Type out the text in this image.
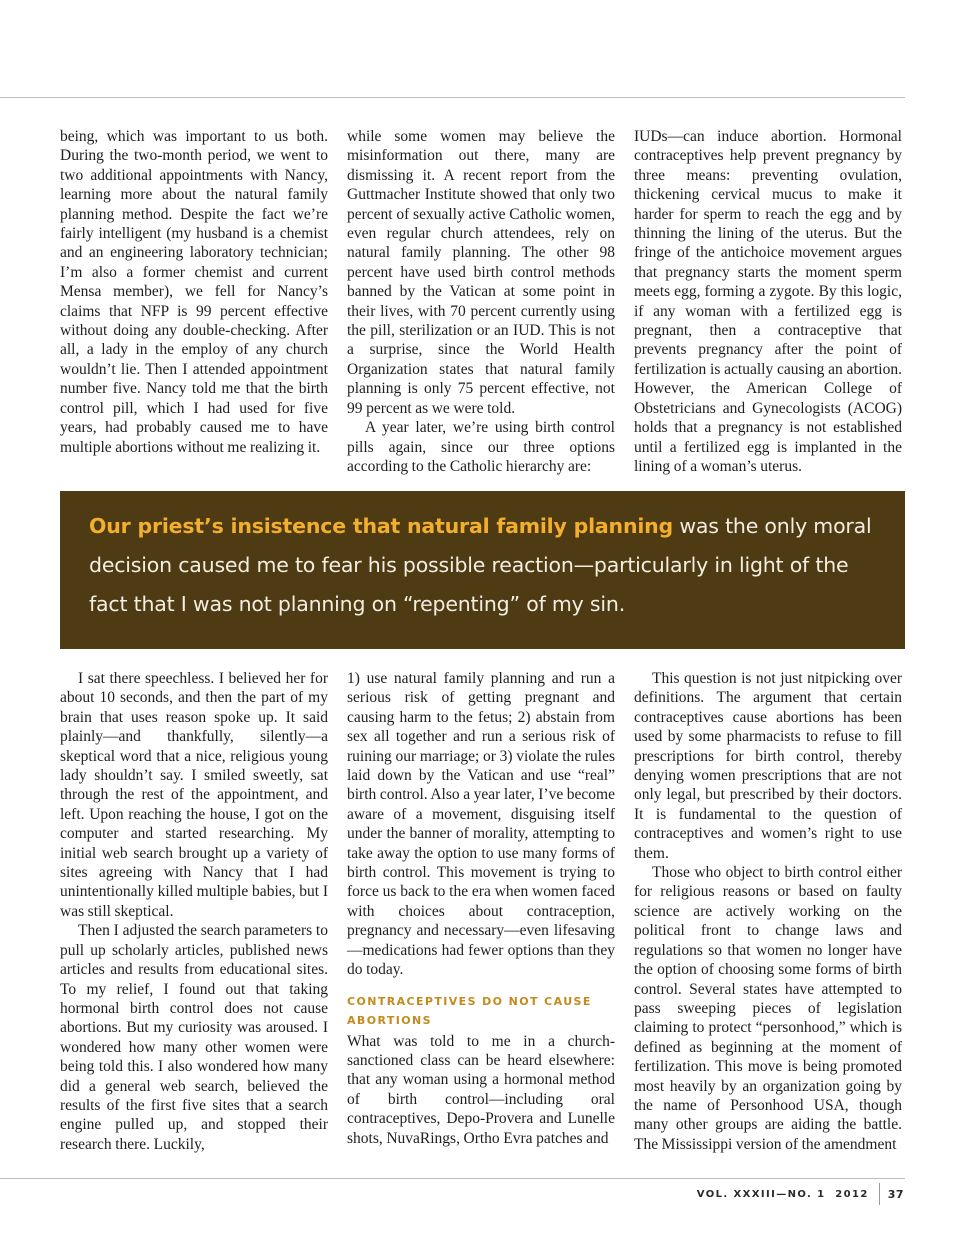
being, which was important to us both. During the two-month period, we went to two additional appointments with Nancy, learning more about the natural family planning method. Despite the fact we’re fairly intelligent (my husband is a chemist and an engineering laboratory technician; I’m also a former chemist and current Mensa member), we fell for Nancy’s claims that NFP is 99 percent effective without doing any double-checking. After all, a lady in the employ of any church wouldn’t lie. Then I attended appointment number five. Nancy told me that the birth control pill, which I had used for five years, had probably caused me to have multiple abortions without me realizing it.

while some women may believe the misinformation out there, many are dismissing it. A recent report from the Guttmacher Institute showed that only two percent of sexually active Catholic women, even regular church attendees, rely on natural family planning. The other 98 percent have used birth control methods banned by the Vatican at some point in their lives, with 70 percent currently using the pill, sterilization or an IUD. This is not a surprise, since the World Health Organization states that natural family planning is only 75 percent effective, not 99 percent as we were told.

A year later, we’re using birth control pills again, since our three options according to the Catholic hierarchy are:

IUDs—can induce abortion. Hormonal contraceptives help prevent pregnancy by three means: preventing ovulation, thickening cervical mucus to make it harder for sperm to reach the egg and by thinning the lining of the uterus. But the fringe of the antichoice movement argues that pregnancy starts the moment sperm meets egg, forming a zygote. By this logic, if any woman with a fertilized egg is pregnant, then a contraceptive that prevents pregnancy after the point of fertilization is actually causing an abortion. However, the American College of Obstetricians and Gynecologists (ACOG) holds that a pregnancy is not established until a fertilized egg is implanted in the lining of a woman’s uterus.

Our priest’s insistence that natural family planning was the only moral decision caused me to fear his possible reaction—particularly in light of the fact that I was not planning on “repenting” of my sin.

I sat there speechless. I believed her for about 10 seconds, and then the part of my brain that uses reason spoke up. It said plainly—and thankfully, silently—a skeptical word that a nice, religious young lady shouldn’t say. I smiled sweetly, sat through the rest of the appointment, and left. Upon reaching the house, I got on the computer and started researching. My initial web search brought up a variety of sites agreeing with Nancy that I had unintentionally killed multiple babies, but I was still skeptical.

Then I adjusted the search parameters to pull up scholarly articles, published news articles and results from educational sites. To my relief, I found out that taking hormonal birth control does not cause abortions. But my curiosity was aroused. I wondered how many other women were being told this. I also wondered how many did a general web search, believed the results of the first five sites that a search engine pulled up, and stopped their research there. Luckily,

1) use natural family planning and run a serious risk of getting pregnant and causing harm to the fetus; 2) abstain from sex all together and run a serious risk of ruining our marriage; or 3) violate the rules laid down by the Vatican and use “real” birth control. Also a year later, I’ve become aware of a movement, disguising itself under the banner of morality, attempting to take away the option to use many forms of birth control. This movement is trying to force us back to the era when women faced with choices about contraception, pregnancy and necessary—even lifesaving—medications had fewer options than they do today.

CONTRACEPTIVES DO NOT CAUSE ABORTIONS

What was told to me in a church-sanctioned class can be heard elsewhere: that any woman using a hormonal method of birth control—including oral contraceptives, Depo-Provera and Lunelle shots, NuvaRings, Ortho Evra patches and

This question is not just nitpicking over definitions. The argument that certain contraceptives cause abortions has been used by some pharmacists to refuse to fill prescriptions for birth control, thereby denying women prescriptions that are not only legal, but prescribed by their doctors. It is fundamental to the question of contraceptives and women’s right to use them.

Those who object to birth control either for religious reasons or based on faulty science are actively working on the political front to change laws and regulations so that women no longer have the option of choosing some forms of birth control. Several states have attempted to pass sweeping pieces of legislation claiming to protect “personhood,” which is defined as beginning at the moment of fertilization. This move is being promoted most heavily by an organization going by the name of Personhood USA, though many other groups are aiding the battle. The Mississippi version of the amendment

VOL. XXXIII—NO. 1  2012 37
